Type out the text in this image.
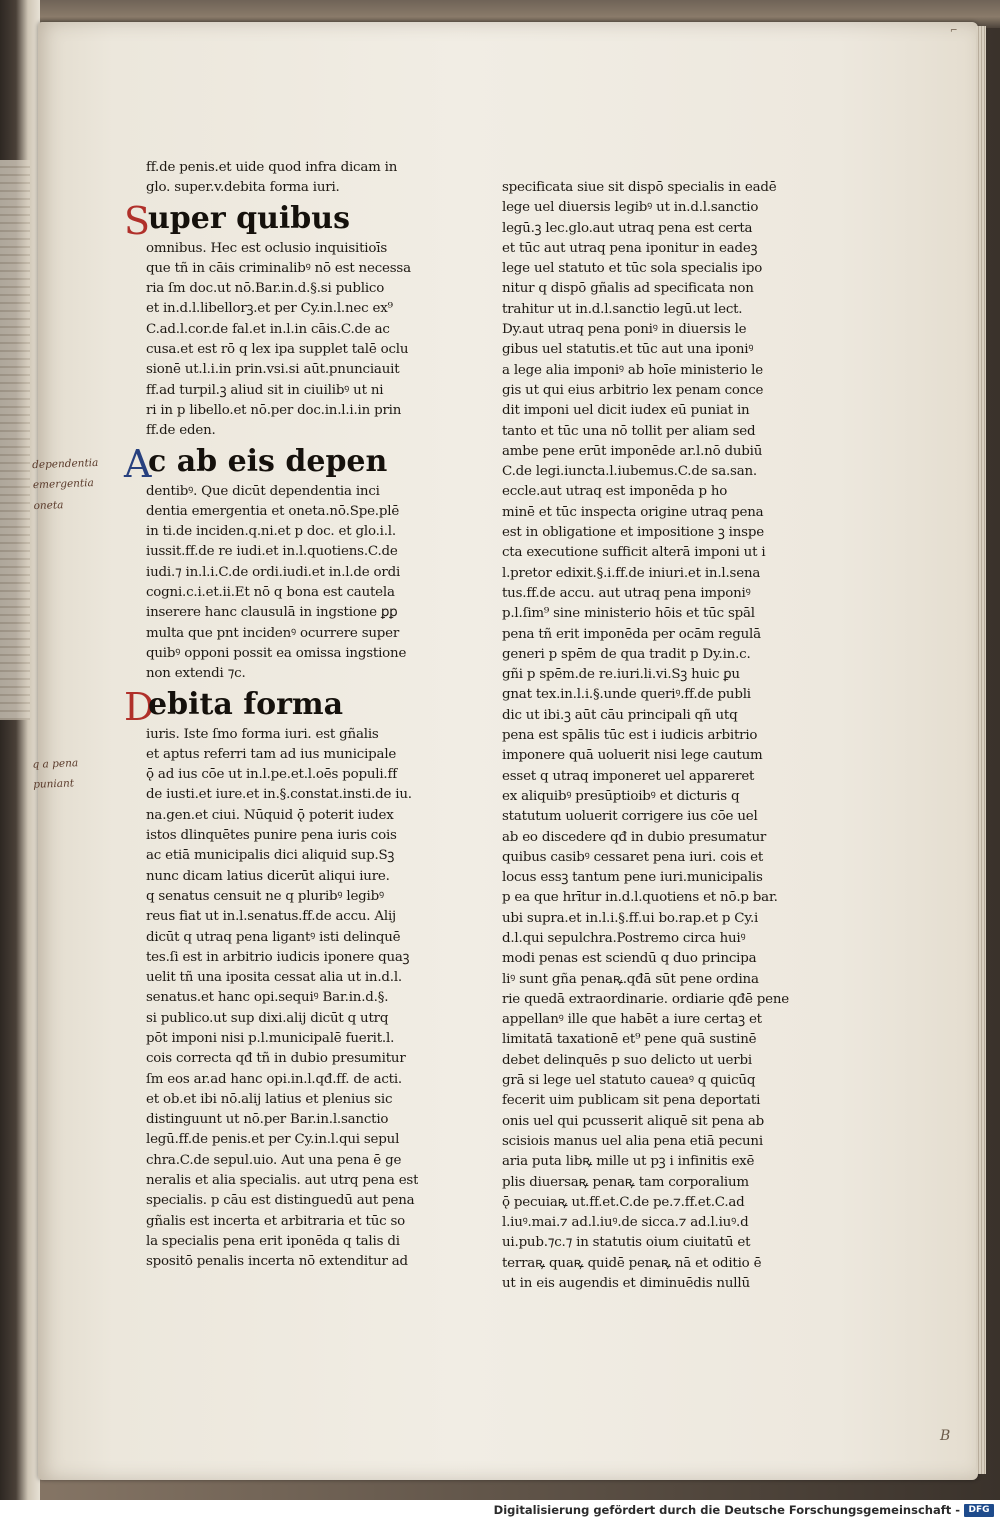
⌐
ff.de penis.et uide quod infra dicam in
glo. super.v.debita forma iuri.
S
uper quibus
omnibus. Hec est oclusio inquisitioīs
que tñ in cāis criminalibꝰ nō est necessa
ria ſm doc.ut nō.Bar.in.d.§.si publico
et in.d.l.libellorꝫ.et per Cy.in.l.nec ex⁹
C.ad.l.cor.de fal.et in.l.in cāis.C.de ac
cusa.et est rō q lex ipa supplet talē oclu
sionē ut.l.i.in prin.vsi.si aūt.pnunciauit
ff.ad turpil.ꝫ aliud sit in ciuilibꝰ ut ni
ri in p libello.et nō.per doc.in.l.i.in prin
ff.de eden.
A
c ab eis depen
dentibꝰ. Que dicūt dependentia inci
dentia emergentia et oneta.nō.Spe.plē
in ti.de inciden.q.ni.et p doc. et glo.i.l.
iussit.ff.de re iudi.et in.l.quotiens.C.de
iudi.⁊ in.l.i.C.de ordi.iudi.et in.l.de ordi
cogni.c.i.et.ii.Et nō q bona est cautela
inserere hanc clausulā in ingstione ꝑꝑ
multa que pnt incidenꝰ ocurrere super
quibꝰ opponi possit ea omissa ingstione
non extendi ⁊c.
D
ebita forma
iuris. Iste ſmo forma iuri. est gñalis
et aptus referri tam ad ius municipale
ǭ ad ius cōe ut in.l.pe.et.l.oēs populi.ff
de iusti.et iure.et in.§.constat.insti.de iu.
na.gen.et ciui. Nūquid ǭ poterit iudex
istos dlinquētes punire pena iuris cois
ac etiā municipalis dici aliquid sup.Sꝫ
nunc dicam latius dicerūt aliqui iure.
q senatus censuit ne q pluribꝰ legibꝰ
reus fiat ut in.l.senatus.ff.de accu. Alij
dicūt q utraq pena ligantꝰ isti delinquē
tes.ſi est in arbitrio iudicis iponere quaꝫ
uelit tñ una iposita cessat alia ut in.d.l.
senatus.et hanc opi.sequiꝰ Bar.in.d.§.
si publico.ut sup dixi.alij dicūt q utrq
pōt imponi nisi p.l.municipalē fuerit.l.
cois correcta qđ tñ in dubio presumitur
ſm eos ar.ad hanc opi.in.l.qđ.ff. de acti.
et ob.et ibi nō.alij latius et plenius sic
distinguunt ut nō.per Bar.in.l.sanctio
legū.ff.de penis.et per Cy.in.l.qui sepul
chra.C.de sepul.uio. Aut una pena ē ge
neralis et alia specialis. aut utrq pena est
specialis. p cāu est distinguedū aut pena
gñalis est incerta et arbitraria et tūc so
la specialis pena erit iponēda q talis di
spositō penalis incerta nō extenditur ad
specificata siue sit dispō specialis in eadē
lege uel diuersis legibꝰ ut in.d.l.sanctio
legū.ꝫ lec.glo.aut utraq pena est certa
et tūc aut utraq pena iponitur in eadeꝫ
lege uel statuto et tūc sola specialis ipo
nitur q dispō gñalis ad specificata non
trahitur ut in.d.l.sanctio legū.ut lect.
Dy.aut utraq pena poniꝰ in diuersis le
gibus uel statutis.et tūc aut una iponiꝰ
a lege alia imponiꝰ ab hoīe ministerio le
gis ut qui eius arbitrio lex penam conce
dit imponi uel dicit iudex eū puniat in
tanto et tūc una nō tollit per aliam sed
ambe pene erūt imponēde ar.l.nō dubiū
C.de legi.iuncta.l.iubemus.C.de sa.san.
eccle.aut utraq est imponēda p ho
minē et tūc inspecta origine utraq pena
est in obligatione et impositione ꝫ inspe
cta executione sufficit alterā imponi ut i
l.pretor edixit.§.i.ff.de iniuri.et in.l.sena
tus.ff.de accu. aut utraq pena imponiꝰ
p.l.ſim⁹ sine ministerio hōis et tūc spāl
pena tñ erit imponēda per ocām regulā
generi p spēm de qua tradit p Dy.in.c.
gñi p spēm.de re.iuri.li.vi.Sꝫ huic ꝑu
gnat tex.in.l.i.§.unde queriꝰ.ff.de publi
dic ut ibi.ꝫ aūt cāu principali qñ utq
pena est spālis tūc est i iudicis arbitrio
imponere quā uoluerit nisi lege cautum
esset q utraq imponeret uel appareret
ex aliquibꝰ presūptioibꝰ et dicturis q
statutum uoluerit corrigere ius cōe uel
ab eo discedere qđ in dubio presumatur
quibus casibꝰ cessaret pena iuri. cois et
locus essꝫ tantum pene iuri.municipalis
p ea que hrītur in.d.l.quotiens et nō.p bar.
ubi supra.et in.l.i.§.ff.ui bo.rap.et p Cy.i
d.l.qui sepulchra.Postremo circa huiꝰ
modi penas est sciendū q duo principa
liꝰ sunt gña penaꝶ.qđā sūt pene ordina
rie quedā extraordinarie. ordiarie qđē pene
appellanꝰ ille que habēt a iure certaꝫ et
limitatā taxationē et⁹ pene quā sustinē
debet delinquēs p suo delicto ut uerbi
grā si lege uel statuto caueaꝰ q quicūq
fecerit uim publicam sit pena deportati
onis uel qui pcusserit aliquē sit pena ab
scisiois manus uel alia pena etiā pecuni
aria puta libꝶ mille ut pꝫ i infinitis exē
plis diuersaꝶ penaꝶ tam corporalium
ǭ pecuiaꝶ ut.ff.et.C.de pe.⁊.ff.et.C.ad
l.iuꝰ.mai.⁊ ad.l.iuꝰ.de sicca.⁊ ad.l.iuꝰ.d
ui.pub.⁊c.⁊ in statutis oium ciuitatū et
terraꝶ quaꝶ quidē penaꝶ nā et oditio ē
ut in eis augendis et diminuēdis nullū
dependentia
emergentia
oneta
q a pena
puniant
B
Digitalisierung gefördert durch die Deutsche Forschungsgemeinschaft - DFG
